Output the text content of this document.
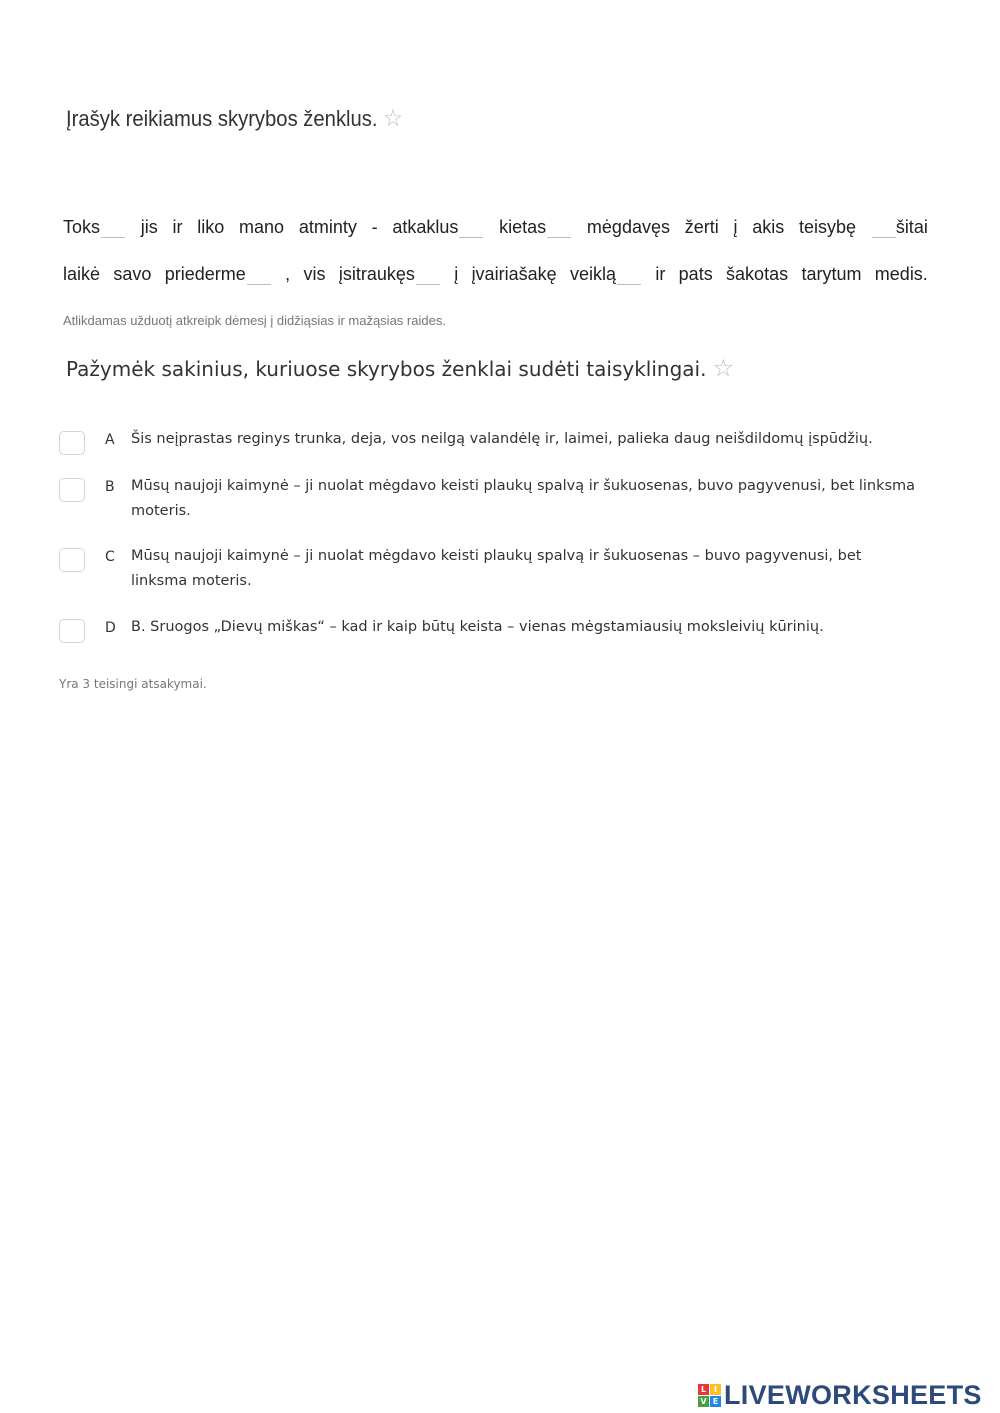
Įrašyk reikiamus skyrybos ženklus. ☆
Toks jis ir liko mano atminty - atkaklus kietas mėgdavęs žerti į akis teisybę šitai
laikė savo priederme , vis įsitraukęs į įvairiašakę veiklą ir pats šakotas tarytum medis.
Atlikdamas užduotį atkreipk dėmesį į didžiąsias ir mažąsias raides.
Pažymėk sakinius, kuriuose skyrybos ženklai sudėti taisyklingai. ☆
A	Šis neįprastas reginys trunka, deja, vos neilgą valandėlę ir, laimei, palieka daug neišdildomų įspūdžių.
B	Mūsų naujoji kaimynė – ji nuolat mėgdavo keisti plaukų spalvą ir šukuosenas, buvo pagyvenusi, bet linksma moteris.
C Mūsų naujoji kaimynė – ji nuolat mėgdavo keisti plaukų spalvą ir šukuosenas – buvo pagyvenusi, bet linksma moteris.
D B. Sruogos „Dievų miškas“ – kad ir kaip būtų keista – vienas mėgstamiausių moksleivių kūrinių.
Yra 3 teisingi atsakymai.
L I
V E LIVEWORKSHEETS
